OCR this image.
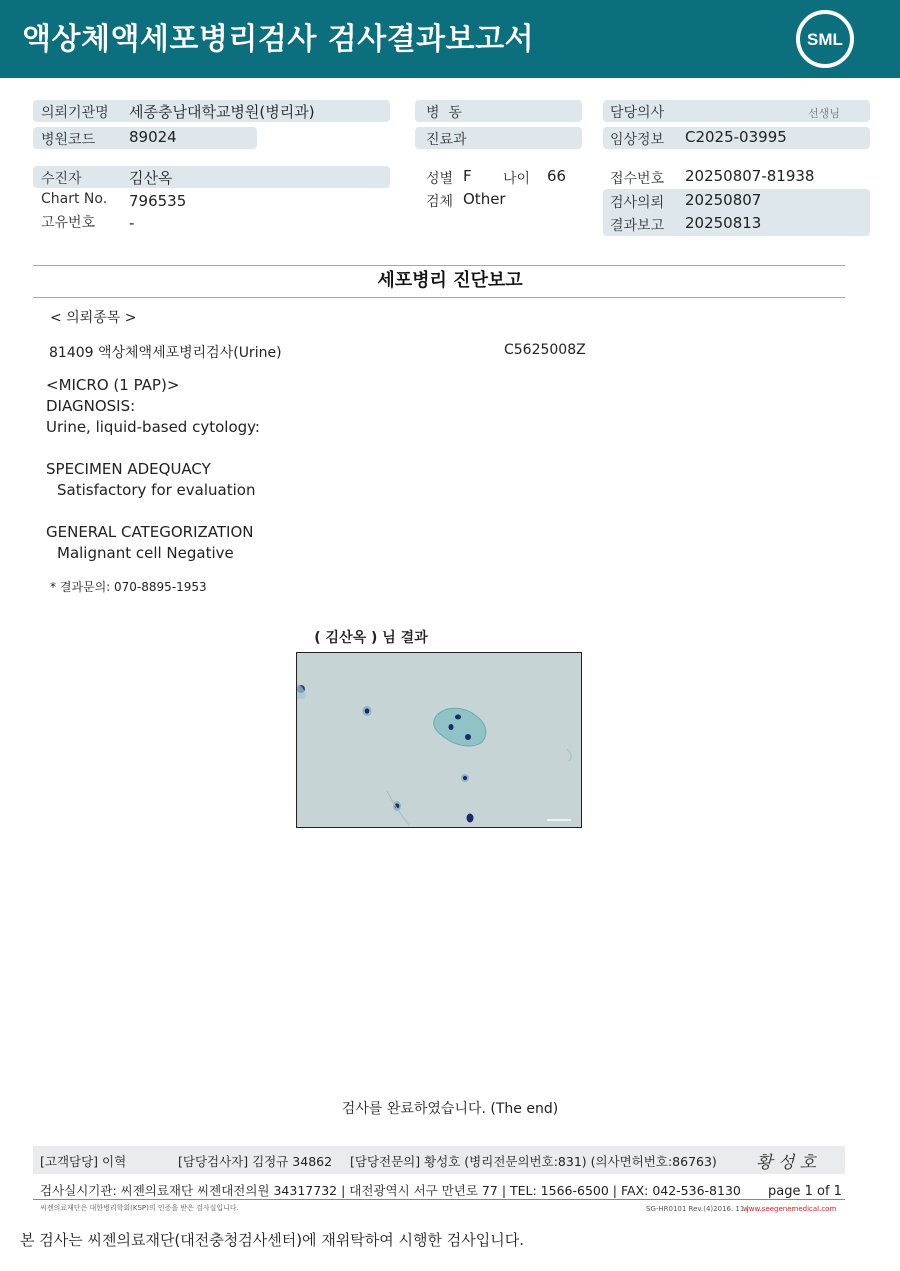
액상체액세포병리검사 검사결과보고서	SML
의뢰기관명 세종충남대학교병원(병리과)
병원코드 89024
수진자	김산옥
Chart No. 796535
고유번호 -
병  동
진료과
성별 F 나이 66
검체 Other
담당의사	선생님
임상정보 C2025-03995
접수번호 20250807-81938
검사의뢰 20250807
결과보고 20250813
세포병리 진단보고
< 의뢰종목 >
81409 액상체액세포병리검사(Urine)	C5625008Z
<MICRO (1 PAP)>
DIAGNOSIS:
Urine, liquid-based cytology:
SPECIMEN ADEQUACY
Satisfactory for evaluation
GENERAL CATEGORIZATION
Malignant cell Negative
* 결과문의: 070-8895-1953
( 김산옥 ) 님 결과
검사를 완료하였습니다. (The end)
[고객담당] 이혁	[담당검사자] 김정규 34862 [담당전문의] 황성호 (병리전문의번호:831) (의사면허번호:86763) 황 성 호
검사실시기관: 씨젠의료재단 씨젠대전의원 34317732 | 대전광역시 서구 만년로 77 | TEL: 1566-6500 | FAX: 042-536-8130 page 1 of 1
씨젠의료재단은 대한병리학회(KSP)의 인증을 받은 검사실입니다.	SG-HR0101 Rev.(4)2016. 11 |
www.seegenemedical.com
본 검사는 씨젠의료재단(대전충청검사센터)에 재위탁하여 시행한 검사입니다.
